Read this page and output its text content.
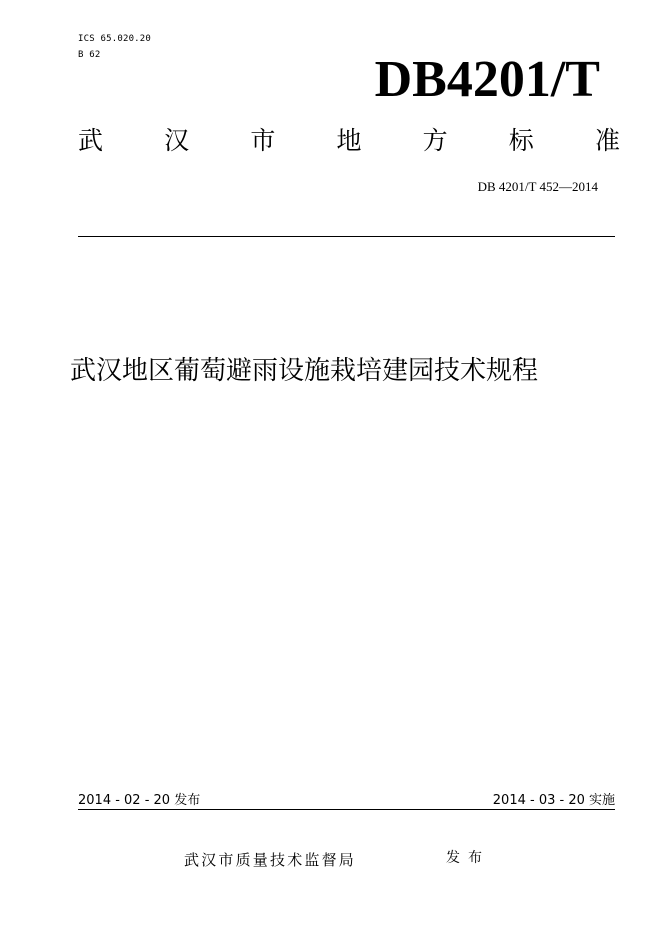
ICS 65.020.20
B 62	DB4201/T
武 汉 市 地 方 标 准
DB 4201/T 452—2014
武汉地区葡萄避雨设施栽培建园技术规程
2014 - 02 - 20 发布	2014 - 03 - 20 实施
武汉市质量技术监督局	发布
